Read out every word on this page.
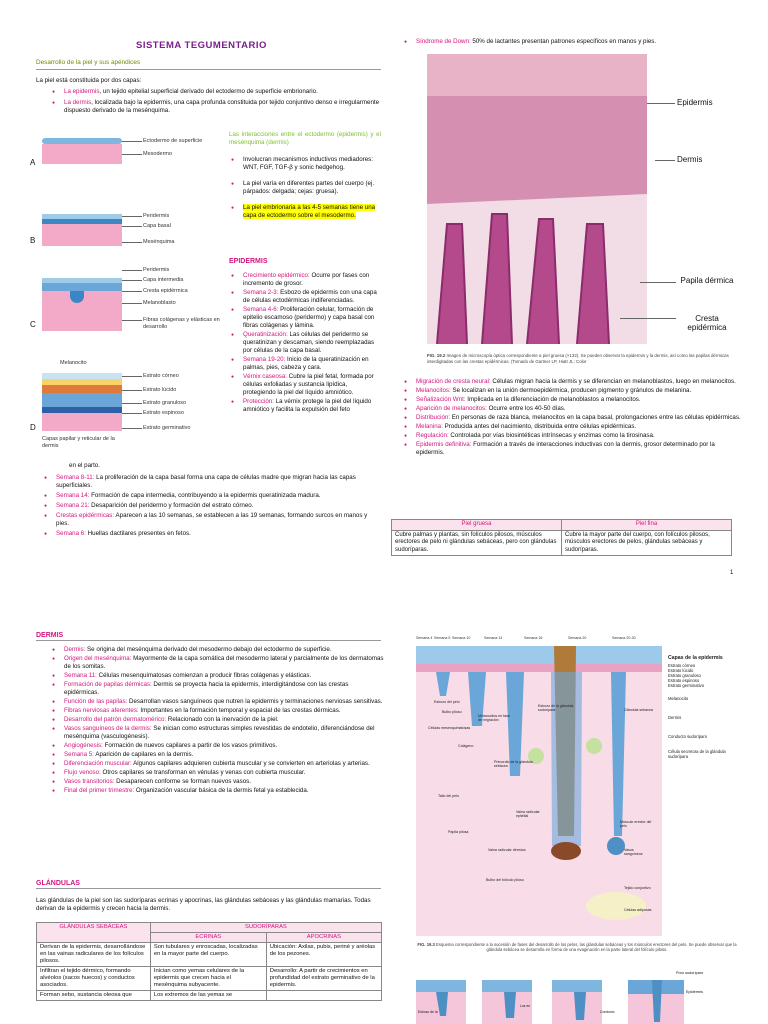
SISTEMA TEGUMENTARIO
Desarrollo de la piel y sus apéndices
La piel está constituida por dos capas:
● La epidermis, un tejido epitelial superficial derivado del ectodermo de superficie embrionario.
● La dermis, localizada bajo la epidermis, una capa profunda constituida por tejido conjuntivo denso e irregularmente dispuesto derivado de la mesénquima.
A
Ectodermo de superficie
Mesodermo
B
Peridermis
Capa basal
Mesénquima
C
Peridermis
Capa intermedia
Cresta epidérmica
Melanoblasto
Fibras colágenas y elásticas en desarrollo
D
Melanocito
Estrato córneo
Estrato lúcido
Estrato granuloso
Estrato espinoso
Estrato germinativo
Capas papilar y reticular de la dermis
Las interacciones entre el ectodermo (epidermis) y el mesénquima (dermis)
● Involucran mecanismos inductivos mediadores: WNT, FGF, TGF-β y sonic hedgehog.
● La piel varía en diferentes partes del cuerpo (ej. párpados: delgada; cejas: gruesa).
● La piel embrionaria a las 4-5 semanas tiene una capa de ectodermo sobre el mesodermo.
EPIDERMIS
● Crecimiento epidérmico: Ocurre por fases con incremento de grosor.
● Semana 2-3: Esbozo de epidermis con una capa de células ectodérmicas indiferenciadas.
● Semana 4-6: Proliferación celular, formación de epitelio escamoso (peridermo) y capa basal con fibras colágenas y lámina.
● Queratinización: Las células del peridermo se queratinizan y descaman, siendo reemplazadas por células de la capa basal.
● Semana 19-20: Inicio de la queratinización en palmas, pies, cabeza y cara.
● Vérnix caseosa: Cubre la piel fetal, formada por células exfoliadas y sustancia lipídica, protegiendo la piel del líquido amniótico.
● Protección: La vérnix protege la piel del líquido amniótico y facilita la expulsión del feto
en el parto.
● Semana 8-11: La proliferación de la capa basal forma una capa de células madre que migran hacia las capas superficiales.
● Semana 14: Formación de capa intermedia, contribuyendo a la epidermis queratinizada madura.
● Semana 21: Desaparición del peridermo y formación del estrato córneo.
● Crestas epidérmicas: Aparecen a las 10 semanas, se establecen a las 19 semanas, formando surcos en manos y pies.
● Semana 6: Huellas dactilares presentes en fetos.
● Síndrome de Down: 50% de lactantes presentan patrones específicos en manos y pies.
Epidermis
Dermis
Papila dérmica
Cresta epidérmica
FIG. 19.2 Imagen de microscopía óptica correspondiente a piel gruesa (×132). Se pueden observar la epidermis y la dermis, así como las papilas dérmicas interdigitadas con las crestas epidérmicas. (Tomado de Gartner LP, Hiatt JL: Color
● Migración de cresta neural: Células migran hacia la dermis y se diferencian en melanoblastos, luego en melanocitos.
● Melanocitos: Se localizan en la unión dermoepidérmica, producen pigmento y gránulos de melanina.
● Señalización Wnt: Implicada en la diferenciación de melanoblastos a melanocitos.
● Aparición de melanocitos: Ocurre entre los 40-50 días.
● Distribución: En personas de raza blanca, melanocitos en la capa basal, prolongaciones entre las células epidérmicas.
● Melanina: Producida antes del nacimiento, distribuida entre células epidérmicas.
● Regulación: Controlada por vías biosintéticas intrínsecas y enzimas como la tirosinasa.
● Epidermis definitiva: Formación a través de interacciones inductivas con la dermis, grosor determinado por la epidermis.
Piel gruesa	Piel fina
Cubre palmas y plantas, sin folículos pilosos, músculos erectores de pelo ni glándulas sebáceas, pero con glándulas sudoríparas.	Cubre la mayor parte del cuerpo, con folículos pilosos, músculos erectores de pelos, glándulas sebáceas y sudoríparas.
1
DERMIS
● Dermis: Se origina del mesénquima derivado del mesodermo debajo del ectodermo de superficie.
● Origen del mesénquima: Mayormente de la capa somática del mesodermo lateral y parcialmente de los dermatomas de los somitas.
● Semana 11: Células mesenquimatosas comienzan a producir fibras colágenas y elásticas.
● Formación de papilas dérmicas: Dermis se proyecta hacia la epidermis, interdigitándose con las crestas epidérmicas.
● Función de las papilas: Desarrollan vasos sanguíneos que nutren la epidermis y terminaciones nerviosas sensitivas.
● Fibras nerviosas aferentes: Importantes en la formación temporal y espacial de las crestas dérmicas.
● Desarrollo del patrón dermatomérico: Relacionado con la inervación de la piel.
● Vasos sanguíneos de la dermis: Se inician como estructuras simples revestidas de endotelio, diferenciándose del mesénquima (vasculogénesis).
● Angiogénesis: Formación de nuevos capilares a partir de los vasos primitivos.
● Semana 5: Aparición de capilares en la dermis.
● Diferenciación muscular: Algunos capilares adquieren cubierta muscular y se convierten en arteriolas y arterias.
● Flujo venoso: Otros capilares se transforman en vénulas y venas con cubierta muscular.
● Vasos transitorios: Desaparecen conforme se forman nuevos vasos.
● Final del primer trimestre: Organización vascular básica de la dermis fetal ya establecida.
GLÁNDULAS
Las glándulas de la piel son las sudoríparas ecrinas y apocrinas, las glándulas sebáceas y las glándulas mamarias. Todas derivan de la epidermis y crecen hacia la dermis.
GLÁNDULAS SEBÁCEAS	SUDORÍPARAS	
	ECRINAS	APOCRINAS
Derivan de la epidermis, desarrollándose en las vainas radiculares de los folículos pilosos.	Son tubulares y enroscadas, localizadas en la mayor parte del cuerpo.	Ubicación: Axilas, pubis, periné y aréolas de los pezones.
Infiltran el tejido dérmico, formando alvéolos (sacos huecos) y conductos asociados.	Inician como yemas celulares de la epidermis que crecen hacia el mesénquima subyacente.	Desarrollo: A partir de crecimientos en profundidad del estrato germinativo de la epidermis.
Forman sebo, sustancia oleosa que	Los extremos de las yemas se	
Semana 4 Semana 5 Semana 10	Semana 14	Semana 16	Semana 20	Semana 20-30
Capas de la epidermis
Estrato córneo
Estrato lúcido
Estrato granuloso
Estrato espinoso
Estrato germinativo
Melanocito
Dermis
Conducto sudoríparo
Célula secretora de la glándula sudorípara
Esbozo del pelo
Bulbo piloso
Células mesenquimatosas
Melanocitos en fase de migración
Colágeno
Esbozo de la glándula sudorípara
Primordio de la glándula sebácea
Tallo del pelo
Papila pilosa
Vaina radicular epitelial
Vaina radicular dérmica
Glándula sebácea
Músculo erector del pelo
Vasos sanguíneos
Bulbo del folículo piloso
Células adiposas
Tejido conjuntivo
FIG. 19.3 Esquema correspondiente a la sucesión de fases del desarrollo de los pelos, las glándulas sebáceas y los músculos erectores del pelo. Se puede observar que la glándula sebácea se desarrolla en forma de una evaginación en la parte lateral del folículo piloso.
Poro sudoríparo
Epidermis
Esbozo de la
Luz en
Conducto
